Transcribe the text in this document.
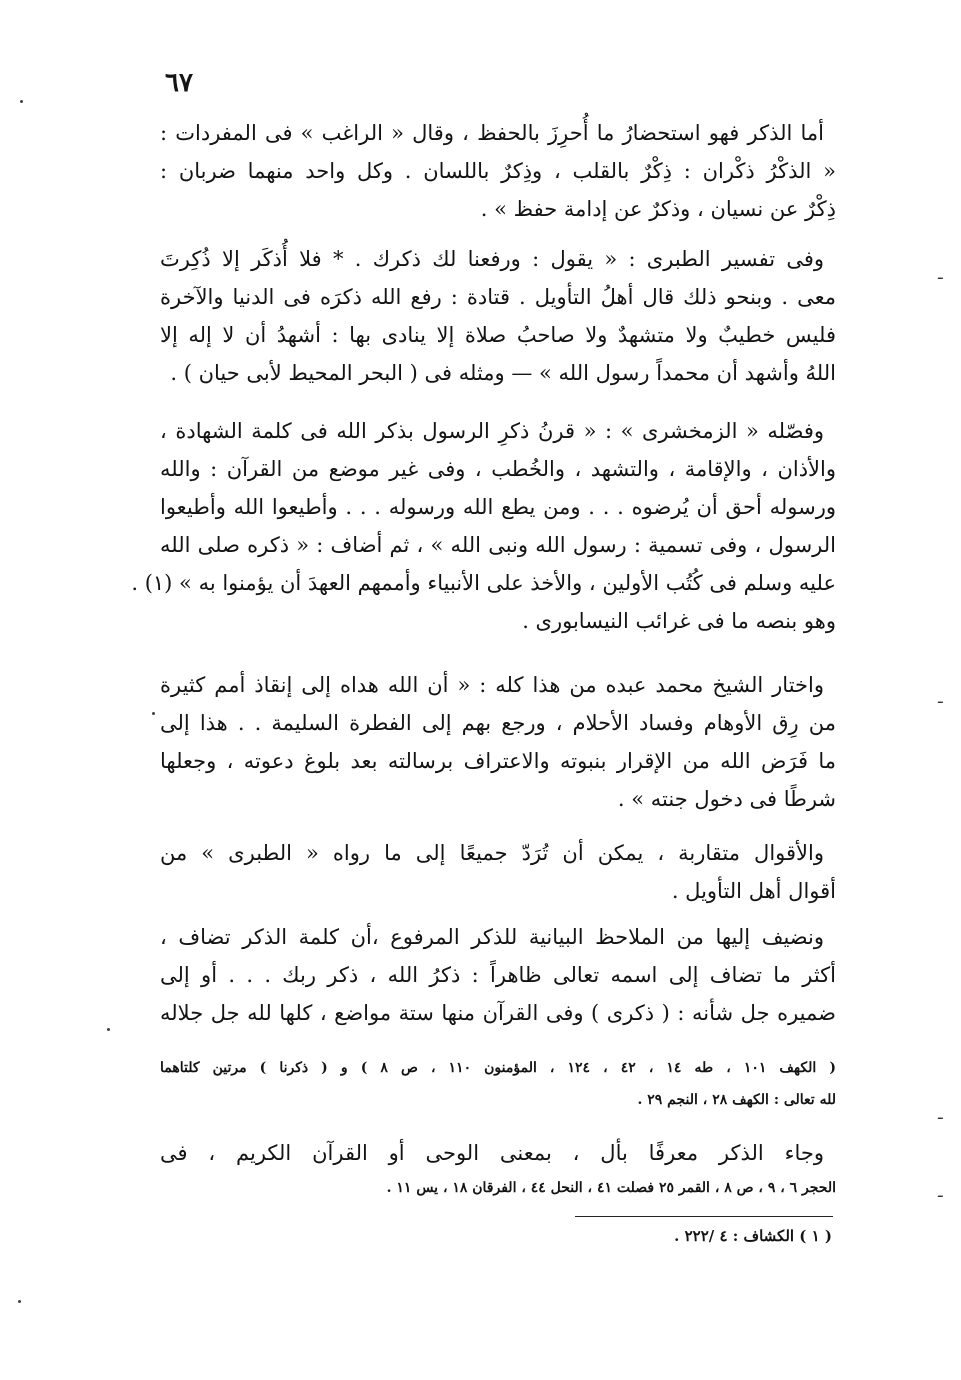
٦٧
أما الذكر فهو استحضارُ ما أُحرِزَ بالحفظ ، وقال « الراغب » فى المفردات :
« الذكْرُ ذكْران : ذِكْرٌ بالقلب ، وذِكرٌ باللسان . وكل واحد منهما ضربان :
ذِكْرٌ عن نسيان ، وذكرٌ عن إدامة حفظ » .
وفى تفسير الطبرى : « يقول : ورفعنا لك ذكرك . * فلا أُذكَر إلا ذُكِرتَ
معى . وبنحو ذلك قال أهلُ التأويل . قتادة : رفع الله ذكرَه فى الدنيا والآخرة
فليس خطيبٌ ولا متشهدٌ ولا صاحبُ صلاة إلا ينادى بها : أشهدُ أن لا إله إلا
اللهُ وأشهد أن محمداً رسول الله » — ومثله فى ( البحر المحيط لأبى حيان ) .
وفصّله « الزمخشرى » : « قرنُ ذكرِ الرسول بذكر الله فى كلمة الشهادة ،
والأذان ، والإقامة ، والتشهد ، والخُطب ، وفى غير موضع من القرآن : والله
ورسوله أحق أن يُرضوه . . . ومن يطع الله ورسوله . . . وأطيعوا الله وأطيعوا
الرسول ، وفى تسمية : رسول الله ونبى الله » ، ثم أضاف : « ذكره صلى الله
عليه وسلم فى كُتُب الأولين ، والأخذ على الأنبياء وأممهم العهدَ أن يؤمنوا به » (١) .
وهو بنصه ما فى غرائب النيسابورى .
واختار الشيخ محمد عبده من هذا كله : « أن الله هداه إلى إنقاذ أمم كثيرة
من رِق الأوهام وفساد الأحلام ، ورجع بهم إلى الفطرة السليمة . . هذا إلى
ما فَرَض الله من الإقرار بنبوته والاعتراف برسالته بعد بلوغ دعوته ، وجعلها
شرطًا فى دخول جنته » .
والأقوال متقاربة ، يمكن أن تُرَدّ جميعًا إلى ما رواه « الطبرى » من
أقوال أهل التأويل .
ونضيف إليها من الملاحظ البيانية للذكر المرفوع ،أن كلمة الذكر تضاف ،
أكثر ما تضاف إلى اسمه تعالى ظاهراً : ذكرُ الله ، ذكر ربك . . . أو إلى
ضميره جل شأنه : ( ذكرى ) وفى القرآن منها ستة مواضع ، كلها لله جل جلاله
( الكهف ١٠١ ، طه ١٤ ، ٤٢ ، ١٢٤ ، المؤمنون ١١٠ ، ص ٨ ) و ( ذكرنا ) مرتين كلتاهما
لله تعالى : الكهف ٢٨ ، النجم ٢٩ .
وجاء الذكر معرفًا بأل ، بمعنى الوحى أو القرآن الكريم ، فى
الحجر ٦ ، ٩ ، ص ٨ ، القمر ٢٥ فصلت ٤١ ، النحل ٤٤ ، الفرقان ١٨ ، يس ١١ .
( ١ ) الكشاف : ٤ /٢٢٢ .
ـ
ـ
ـ
ـ
